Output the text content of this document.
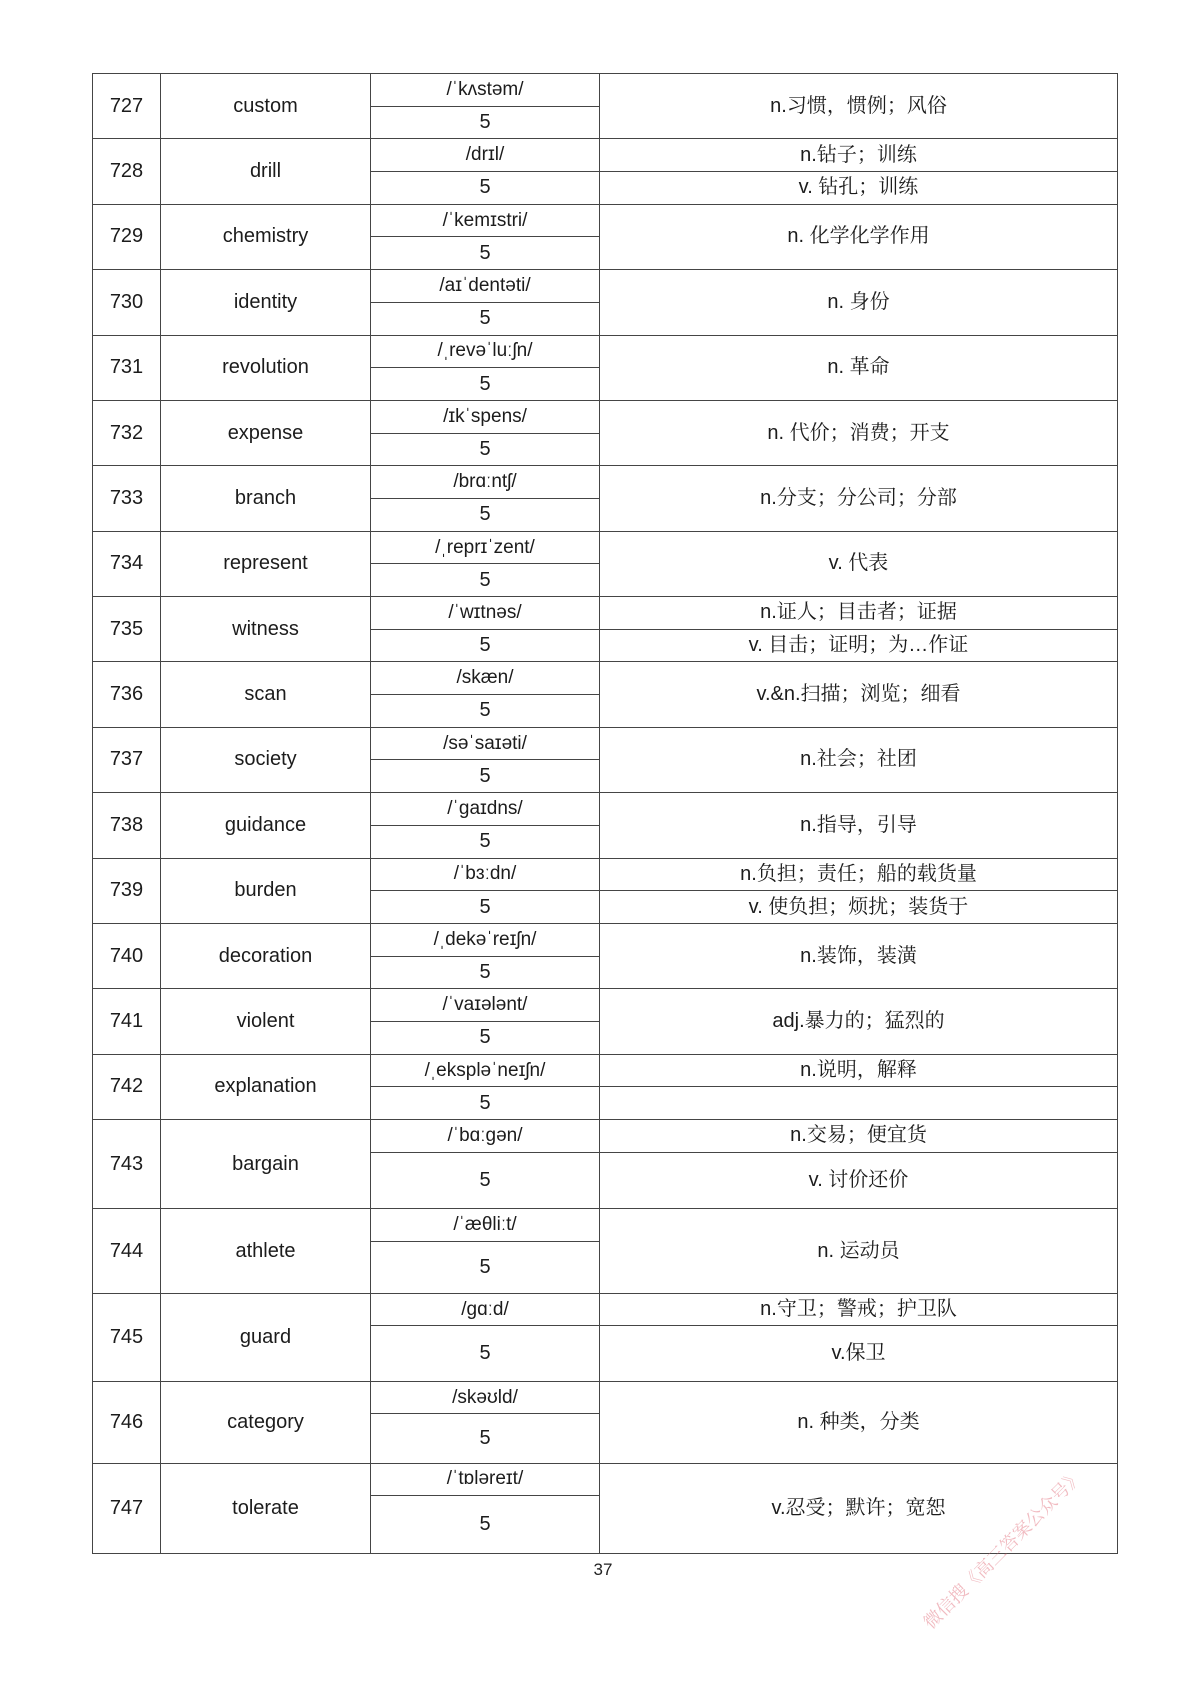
727	custom	/ˈkʌstəm/	n.习惯，惯例；风俗
		5	
728	drill	/drɪl/	n.钻子；训练
		5	v. 钻孔；训练
729	chemistry	/ˈkemɪstri/	n. 化学化学作用
		5	
730	identity	/aɪˈdentəti/	n. 身份
		5	
731	revolution	/ˌrevəˈluːʃn/	n. 革命
		5	
732	expense	/ɪkˈspens/	n. 代价；消费；开支
		5	
733	branch	/brɑːntʃ/	n.分支；分公司；分部
		5	
734	represent	/ˌreprɪˈzent/	v. 代表
		5	
735	witness	/ˈwɪtnəs/	n.证人；目击者；证据
		5	v. 目击；证明；为…作证
736	scan	/skæn/	v.&n.扫描；浏览；细看
		5	
737	society	/səˈsaɪəti/	n.社会；社团
		5	
738	guidance	/ˈgaɪdns/	n.指导，引导
		5	
739	burden	/ˈbɜːdn/	n.负担；责任；船的载货量
		5	v. 使负担；烦扰；装货于
740	decoration	/ˌdekəˈreɪʃn/	n.装饰，装潢
		5	
741	violent	/ˈvaɪələnt/	adj.暴力的；猛烈的
		5	
742	explanation	/ˌekspləˈneɪʃn/	n.说明，解释
		5	
743	bargain	/ˈbɑːgən/	n.交易；便宜货
		5	v. 讨价还价
744	athlete	/ˈæθliːt/	n. 运动员
		5	
745	guard	/gɑːd/	n.守卫；警戒；护卫队
		5	v.保卫
746	category	/skəʊld/	n. 种类，分类
		5	
747	tolerate	/ˈtɒləreɪt/	v.忍受；默许；宽恕
		5	
37	微信搜《高三答案公众号》
